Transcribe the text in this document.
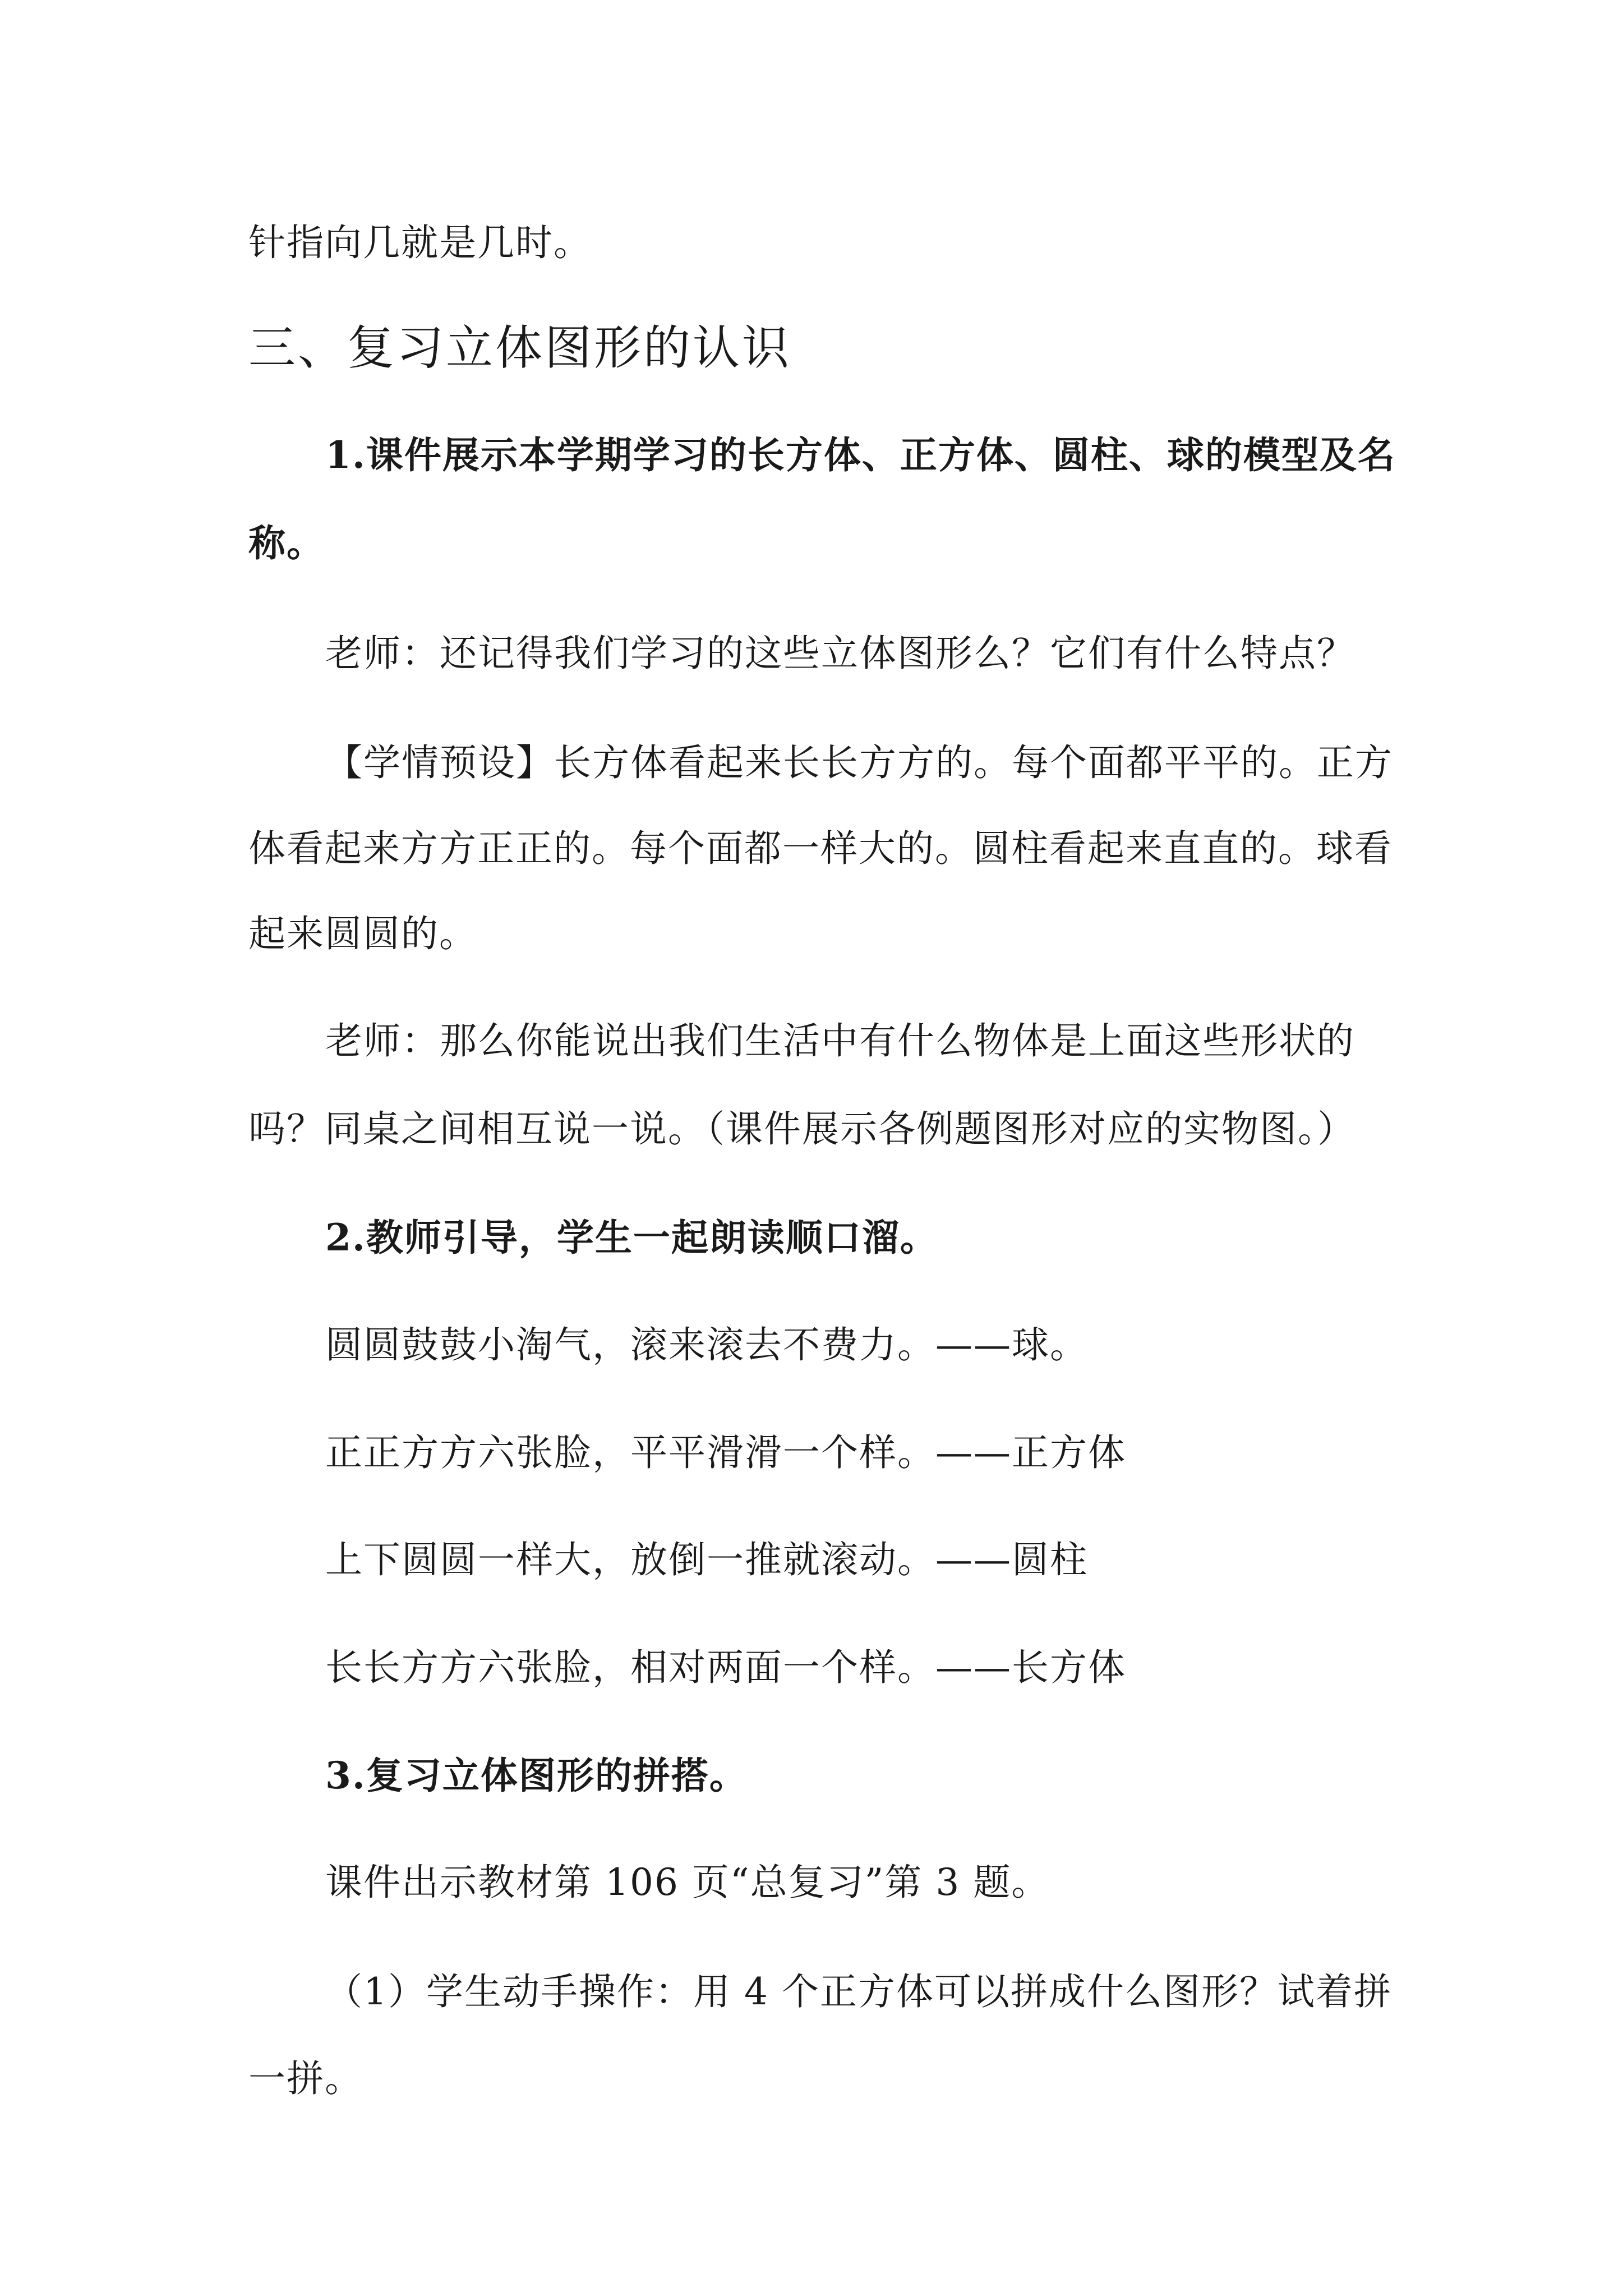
针指向几就是几时。
三、复习立体图形的认识
1.课件展示本学期学习的长方体、正方体、圆柱、球的模型及名
称。
老师：还记得我们学习的这些立体图形么？它们有什么特点？
【学情预设】长方体看起来长长方方的。每个面都平平的。正方
体看起来方方正正的。每个面都一样大的。圆柱看起来直直的。球看
起来圆圆的。
老师：那么你能说出我们生活中有什么物体是上面这些形状的
吗？同桌之间相互说一说。（课件展示各例题图形对应的实物图。）
2.教师引导，学生一起朗读顺口溜。
圆圆鼓鼓小淘气，滚来滚去不费力。——球。
正正方方六张脸，平平滑滑一个样。——正方体
上下圆圆一样大，放倒一推就滚动。——圆柱
长长方方六张脸，相对两面一个样。——长方体
3.复习立体图形的拼搭。
课件出示教材第 106 页“总复习”第 3 题。
（1）学生动手操作：用 4 个正方体可以拼成什么图形？试着拼
一拼。
